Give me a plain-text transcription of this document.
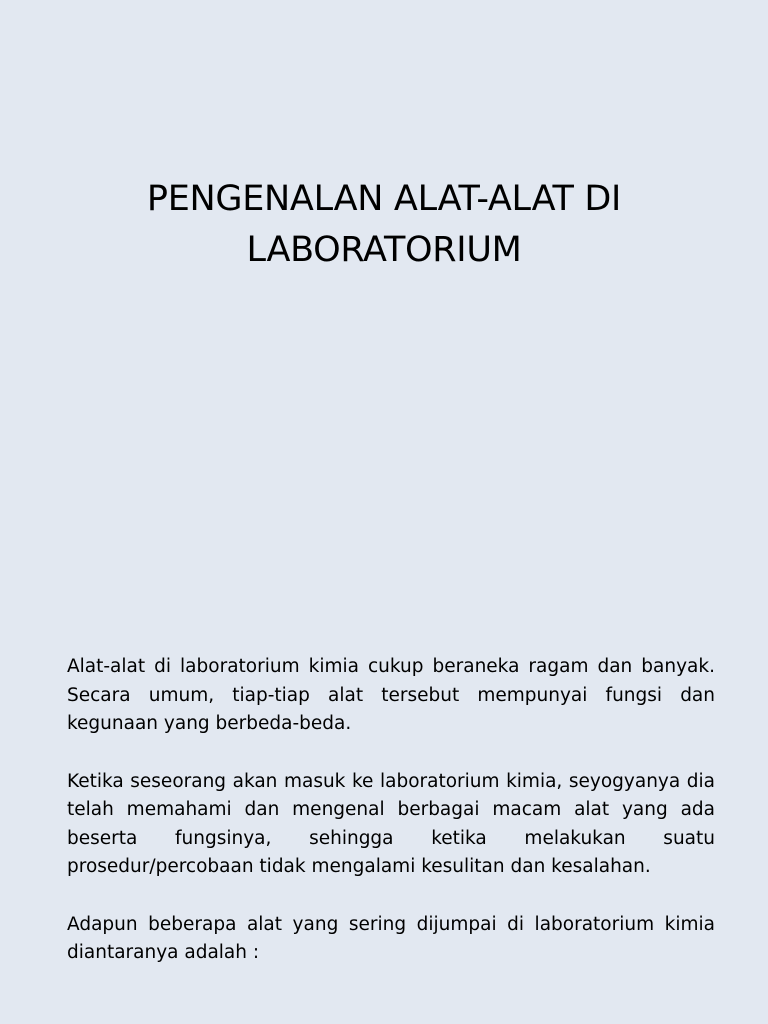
PENGENALAN ALAT-ALAT DI
LABORATORIUM

Alat-alat di laboratorium kimia cukup beraneka ragam dan banyak. Secara umum, tiap-tiap alat tersebut mempunyai fungsi dan kegunaan yang berbeda-beda.

Ketika seseorang akan masuk ke laboratorium kimia, seyogyanya dia telah memahami dan mengenal berbagai macam alat yang ada beserta fungsinya, sehingga ketika melakukan suatu prosedur/percobaan tidak mengalami kesulitan dan kesalahan.

Adapun beberapa alat yang sering dijumpai di laboratorium kimia diantaranya adalah :
